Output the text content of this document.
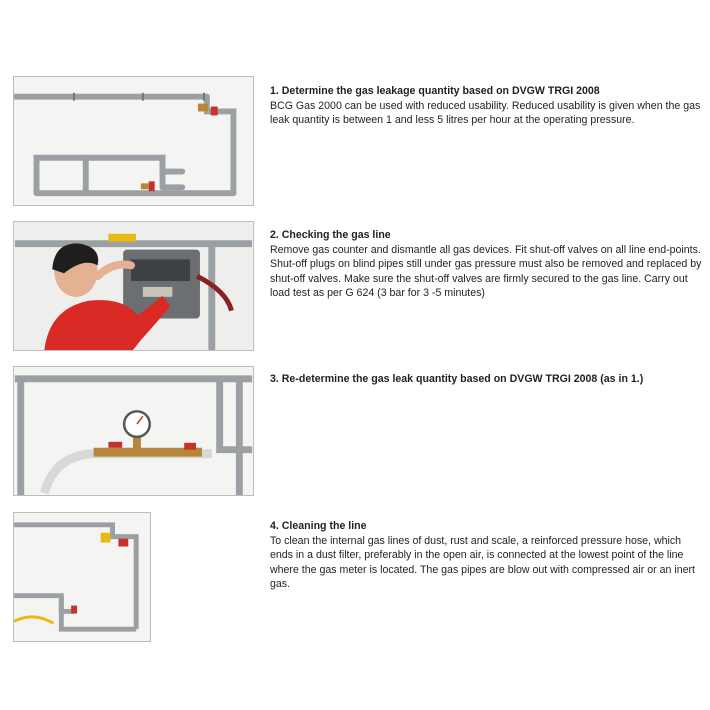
1. Determine the gas leakage quantity based on DVGW TRGI 2008

BCG Gas 2000 can be used with reduced usability. Reduced usability is given when the gas leak quantity is between 1 and less 5 litres per hour at the operating pressure.

2. Checking the gas line

Remove gas counter and dismantle all gas devices. Fit shut-off valves on all line end-points. Shut-off plugs on blind pipes still under gas pressure must also be removed and replaced by shut-off valves. Make sure the shut-off valves are firmly secured to the gas line. Carry out load test as per G 624 (3 bar for 3 -5 minutes)

3. Re-determine the gas leak quantity based on DVGW TRGI 2008 (as in 1.)

4. Cleaning the line

To clean the internal gas lines of dust, rust and scale, a reinforced pressure hose, which ends in a dust filter, preferably in the open air, is connected at the lowest point of the line where the gas meter is located. The gas pipes are blow out with compressed air or an inert gas.
